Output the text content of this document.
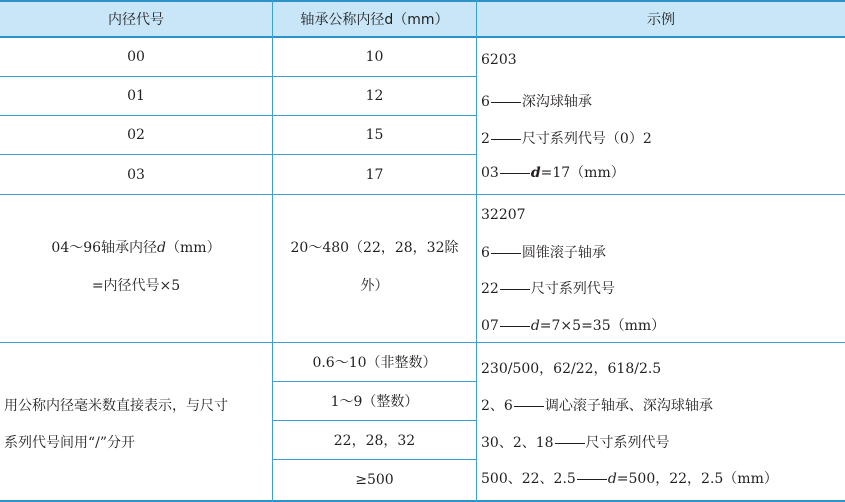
内径代号	轴承公称内径d（mm）	示例
00
01
02
03
10
12
15
17
6203
6 深沟球轴承
2 尺寸系列代号（0）2
03 d=17（mm）
04～96轴承内径d（mm）
=内径代号×5
20～480（22，28，32除
外）
32207
6 圆锥滚子轴承
22 尺寸系列代号
07 d=7×5=35（mm）
用公称内径毫米数直接表示，与尺寸
系列代号间用“/”分开
0.6～10（非整数）
1～9（整数）
22，28，32
≥500
230/500，62/22，618/2.5
2、6 调心滚子轴承、深沟球轴承
30、2、18 尺寸系列代号
500、22、2.5 d=500，22，2.5（mm）
